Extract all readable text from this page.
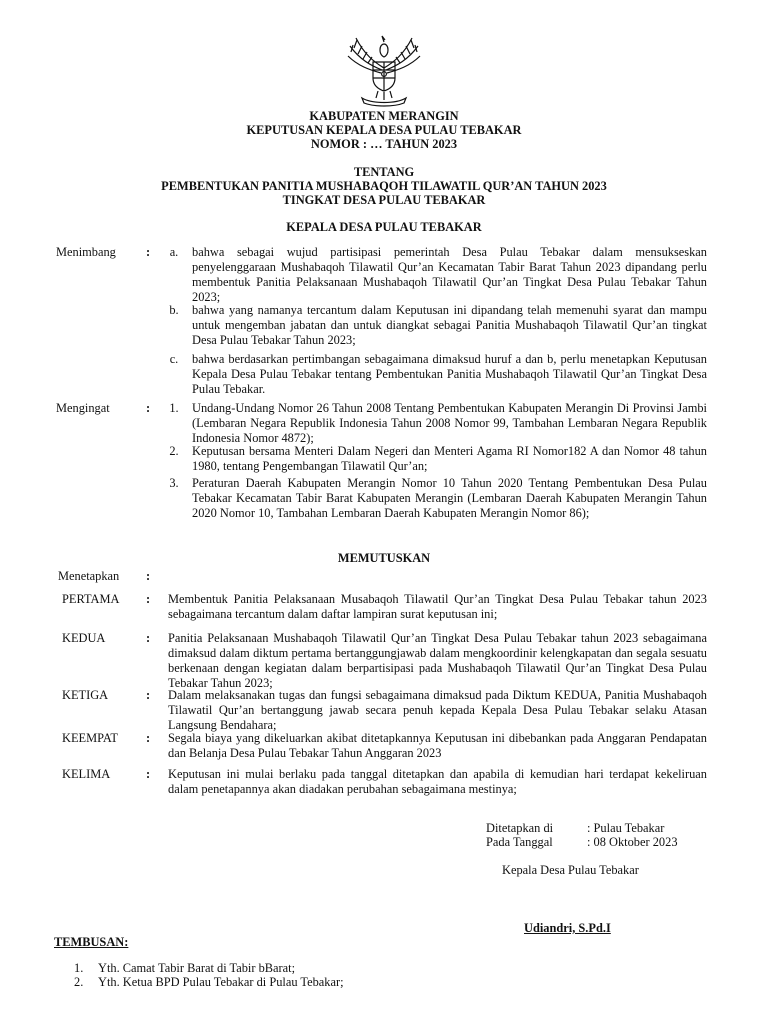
KABUPATEN MERANGIN
KEPUTUSAN KEPALA DESA PULAU TEBAKAR
NOMOR : … TAHUN 2023
TENTANG
PEMBENTUKAN PANITIA MUSHABAQOH TILAWATIL QUR’AN TAHUN 2023
TINGKAT DESA PULAU TEBAKAR
KEPALA DESA PULAU TEBAKAR
Menimbang : a. bahwa sebagai wujud partisipasi pemerintah Desa Pulau Tebakar dalam mensukseskan penyelenggaraan Mushabaqoh Tilawatil Qur’an Kecamatan Tabir Barat Tahun 2023 dipandang perlu membentuk Panitia Pelaksanaan Mushabaqoh Tilawatil Qur’an Tingkat Desa Pulau Tebakar Tahun 2023;
b. bahwa yang namanya tercantum dalam Keputusan ini dipandang telah memenuhi syarat dan mampu untuk mengemban jabatan dan untuk diangkat sebagai Panitia Mushabaqoh Tilawatil Qur’an tingkat Desa Pulau Tebakar Tahun 2023;
c. bahwa berdasarkan pertimbangan sebagaimana dimaksud huruf a dan b, perlu menetapkan Keputusan Kepala Desa Pulau Tebakar tentang Pembentukan Panitia Mushabaqoh Tilawatil Qur’an Tingkat Desa Pulau Tebakar.
Mengingat	: 1. Undang-Undang Nomor 26 Tahun 2008 Tentang Pembentukan Kabupaten Merangin Di Provinsi Jambi (Lembaran Negara Republik Indonesia Tahun 2008 Nomor 99, Tambahan Lembaran Negara Republik Indonesia Nomor 4872);
2. Keputusan bersama Menteri Dalam Negeri dan Menteri Agama RI Nomor182 A dan Nomor 48 tahun 1980, tentang Pengembangan Tilawatil Qur’an;
3. Peraturan Daerah Kabupaten Merangin Nomor 10 Tahun 2020 Tentang Pembentukan Desa Pulau Tebakar Kecamatan Tabir Barat Kabupaten Merangin (Lembaran Daerah Kabupaten Merangin Tahun 2020 Nomor 10, Tambahan Lembaran Daerah Kabupaten Merangin Nomor 86);
MEMUTUSKAN
Menetapkan :
PERTAMA : Membentuk Panitia Pelaksanaan Musabaqoh Tilawatil Qur’an Tingkat Desa Pulau Tebakar tahun 2023 sebagaimana tercantum dalam daftar lampiran surat keputusan ini;
KEDUA	: Panitia Pelaksanaan Mushabaqoh Tilawatil Qur’an Tingkat Desa Pulau Tebakar tahun 2023 sebagaimana dimaksud dalam diktum pertama bertanggungjawab dalam mengkoordinir kelengkapatan dan segala sesuatu berkenaan dengan kegiatan dalam berpartisipasi pada Mushabaqoh Tilawatil Qur’an Tingkat Desa Pulau Tebakar Tahun 2023;
KETIGA	: Dalam melaksanakan tugas dan fungsi sebagaimana dimaksud pada Diktum KEDUA, Panitia Mushabaqoh Tilawatil Qur’an bertanggung jawab secara penuh kepada Kepala Desa Pulau Tebakar selaku Atasan Langsung Bendahara;
KEEMPAT : Segala biaya yang dikeluarkan akibat ditetapkannya Keputusan ini dibebankan pada Anggaran Pendapatan dan Belanja Desa Pulau Tebakar Tahun Anggaran 2023
KELIMA	: Keputusan ini mulai berlaku pada tanggal ditetapkan dan apabila di kemudian hari terdapat kekeliruan dalam penetapannya akan diadakan perubahan sebagaimana mestinya;
Ditetapkan di	: Pulau Tebakar
Pada Tanggal	: 08 Oktober 2023
Kepala Desa Pulau Tebakar
Udiandri, S.Pd.I
TEMBUSAN:
1. Yth. Camat Tabir Barat di Tabir bBarat;
2. Yth. Ketua BPD Pulau Tebakar di Pulau Tebakar;
